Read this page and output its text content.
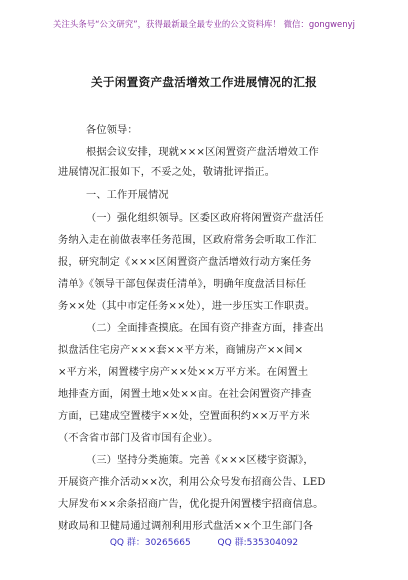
关注头条号“公文研究”，获得最新最全最专业的公文资料库！ 微信：gongwenyj
关于闲置资产盘活增效工作进展情况的汇报
各位领导：
根据会议安排，现就×××区闲置资产盘活增效工作
进展情况汇报如下，不妥之处，敬请批评指正。
一、工作开展情况
（一）强化组织领导。区委区政府将闲置资产盘活任
务纳入走在前做表率任务范围，区政府常务会听取工作汇
报，研究制定《×××区闲置资产盘活增效行动方案任务
清单》《领导干部包保责任清单》，明确年度盘活目标任
务××处（其中市定任务××处），进一步压实工作职责。
（二）全面排查摸底。在国有资产排查方面，排查出
拟盘活住宅房产×××套××平方米，商铺房产××间×
×平方米，闲置楼宇房产××处××万平方米。在闲置土
地排查方面，闲置土地×处××亩。在社会闲置资产排查
方面，已建成空置楼宇××处，空置面积约××万平方米
（不含省市部门及省市国有企业）。
（三）坚持分类施策。完善《×××区楼宇资源》，
开展资产推介活动××次，利用公众号发布招商公告、LED
大屏发布××余条招商广告，优化提升闲置楼宇招商信息。
财政局和卫健局通过调剂利用形式盘活××个卫生部门各
QQ 群：30265665	QQ 群:535304092
